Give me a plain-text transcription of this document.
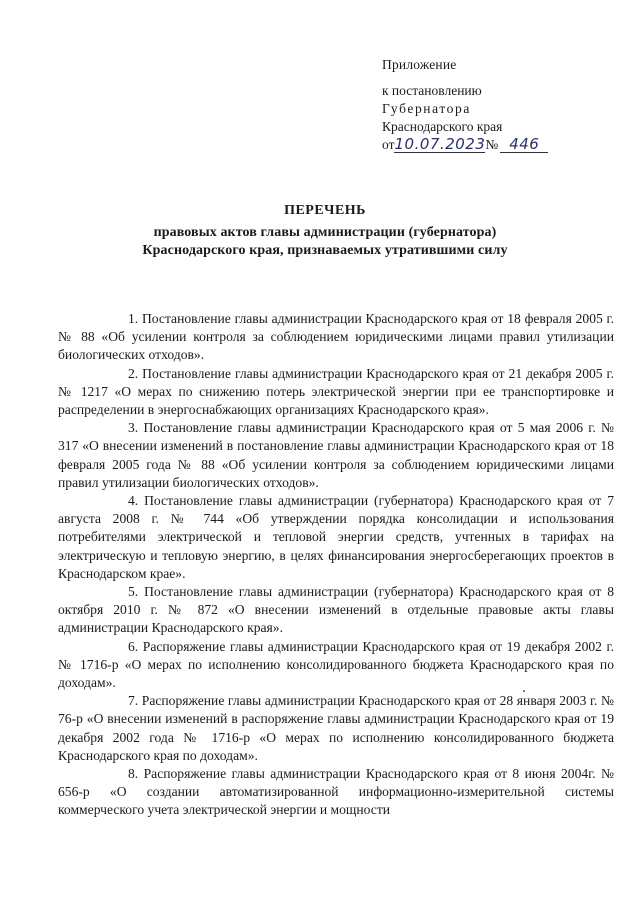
Приложение
к постановлению
Губернатора
Краснодарского края
от10.07.2023№ 446
ПЕРЕЧЕНЬ
правовых актов главы администрации (губернатора)
Краснодарского края, признаваемых утратившими силу

1. Постановление главы администрации Краснодарского края от 18 февраля 2005 г. № 88 «Об усилении контроля за соблюдением юридическими лицами правил утилизации биологических отходов».

2. Постановление главы администрации Краснодарского края от 21 декабря 2005 г. № 1217 «О мерах по снижению потерь электрической энергии при ее транспортировке и распределении в энергоснабжающих организациях Краснодарского края».

3. Постановление главы администрации Краснодарского края от 5 мая 2006 г. № 317 «О внесении изменений в постановление главы администрации Краснодарского края от 18 февраля 2005 года № 88 «Об усилении контроля за соблюдением юридическими лицами правил утилизации биологических отходов».

4. Постановление главы администрации (губернатора) Краснодарского края от 7 августа 2008 г. № 744 «Об утверждении порядка консолидации и использования потребителями электрической и тепловой энергии средств, учтенных в тарифах на электрическую и тепловую энергию, в целях финансирования энергосберегающих проектов в Краснодарском крае».

5. Постановление главы администрации (губернатора) Краснодарского края от 8 октября 2010 г. № 872 «О внесении изменений в отдельные правовые акты главы администрации Краснодарского края».

6. Распоряжение главы администрации Краснодарского края от 19 декабря 2002 г. № 1716-р «О мерах по исполнению консолидированного бюджета Краснодарского края по доходам».

7. Распоряжение главы администрации Краснодарского края от 28 января 2003 г. № 76-р «О внесении изменений в распоряжение главы администрации Краснодарского края от 19 декабря 2002 года № 1716-р «О мерах по исполнению консолидированного бюджета Краснодарского края по доходам».

8. Распоряжение главы администрации Краснодарского края от 8 июня 2004г. № 656-р «О создании автоматизированной информационно-измерительной системы коммерческого учета электрической энергии и мощности
